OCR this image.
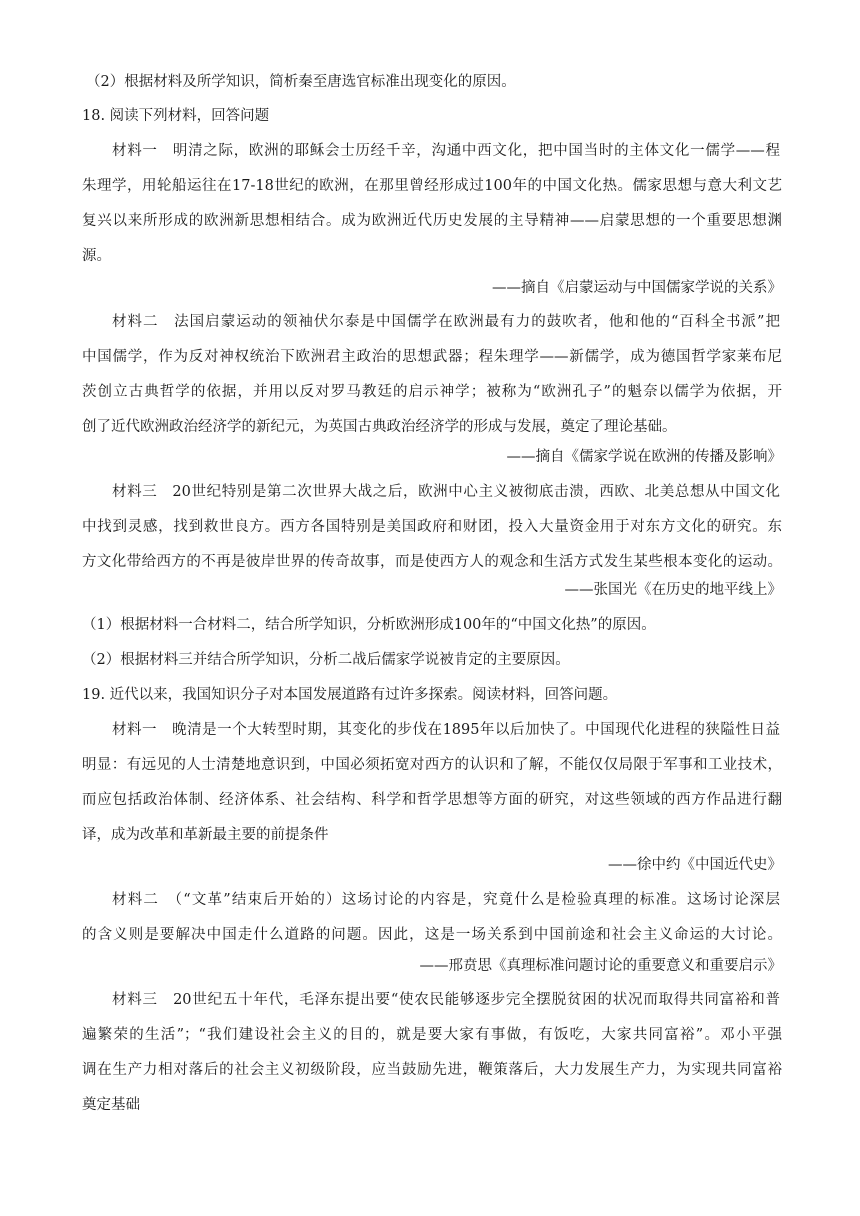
（2）根据材料及所学知识，简析秦至唐选官标准出现变化的原因。
18. 阅读下列材料，回答问题
材料一　明清之际，欧洲的耶稣会士历经千辛，沟通中西文化，把中国当时的主体文化一儒学——程
朱理学，用轮船运往在17-18世纪的欧洲，在那里曾经形成过100年的中国文化热。儒家思想与意大利文艺
复兴以来所形成的欧洲新思想相结合。成为欧洲近代历史发展的主导精神——启蒙思想的一个重要思想渊
源。
——摘自《启蒙运动与中国儒家学说的关系》
材料二　法国启蒙运动的领袖伏尔泰是中国儒学在欧洲最有力的鼓吹者，他和他的“百科全书派”把
中国儒学，作为反对神权统治下欧洲君主政治的思想武器；程朱理学——新儒学，成为德国哲学家莱布尼
茨创立古典哲学的依据，并用以反对罗马教廷的启示神学；被称为“欧洲孔子”的魁奈以儒学为依据，开
创了近代欧洲政治经济学的新纪元，为英国古典政治经济学的形成与发展，奠定了理论基础。
——摘自《儒家学说在欧洲的传播及影响》
材料三　20世纪特别是第二次世界大战之后，欧洲中心主义被彻底击溃，西欧、北美总想从中国文化
中找到灵感，找到救世良方。西方各国特别是美国政府和财团，投入大量资金用于对东方文化的研究。东
方文化带给西方的不再是彼岸世界的传奇故事，而是使西方人的观念和生活方式发生某些根本变化的运动。
——张国光《在历史的地平线上》
（1）根据材料一合材料二，结合所学知识，分析欧洲形成100年的“中国文化热”的原因。
（2）根据材料三并结合所学知识，分析二战后儒家学说被肯定的主要原因。
19. 近代以来，我国知识分子对本国发展道路有过许多探索。阅读材料，回答问题。
材料一　晚清是一个大转型时期，其变化的步伐在1895年以后加快了。中国现代化进程的狭隘性日益
明显：有远见的人士清楚地意识到，中国必须拓宽对西方的认识和了解，不能仅仅局限于军事和工业技术，
而应包括政治体制、经济体系、社会结构、科学和哲学思想等方面的研究，对这些领域的西方作品进行翻
译，成为改革和革新最主要的前提条件
——徐中约《中国近代史》
材料二　（“文革”结束后开始的）这场讨论的内容是，究竟什么是检验真理的标准。这场讨论深层
的含义则是要解决中国走什么道路的问题。因此，这是一场关系到中国前途和社会主义命运的大讨论。
——邢贲思《真理标准问题讨论的重要意义和重要启示》
材料三　20世纪五十年代，毛泽东提出要“使农民能够逐步完全摆脱贫困的状况而取得共同富裕和普
遍繁荣的生活”；“我们建设社会主义的目的，就是要大家有事做，有饭吃，大家共同富裕”。邓小平强
调在生产力相对落后的社会主义初级阶段，应当鼓励先进，鞭策落后，大力发展生产力，为实现共同富裕
奠定基础
